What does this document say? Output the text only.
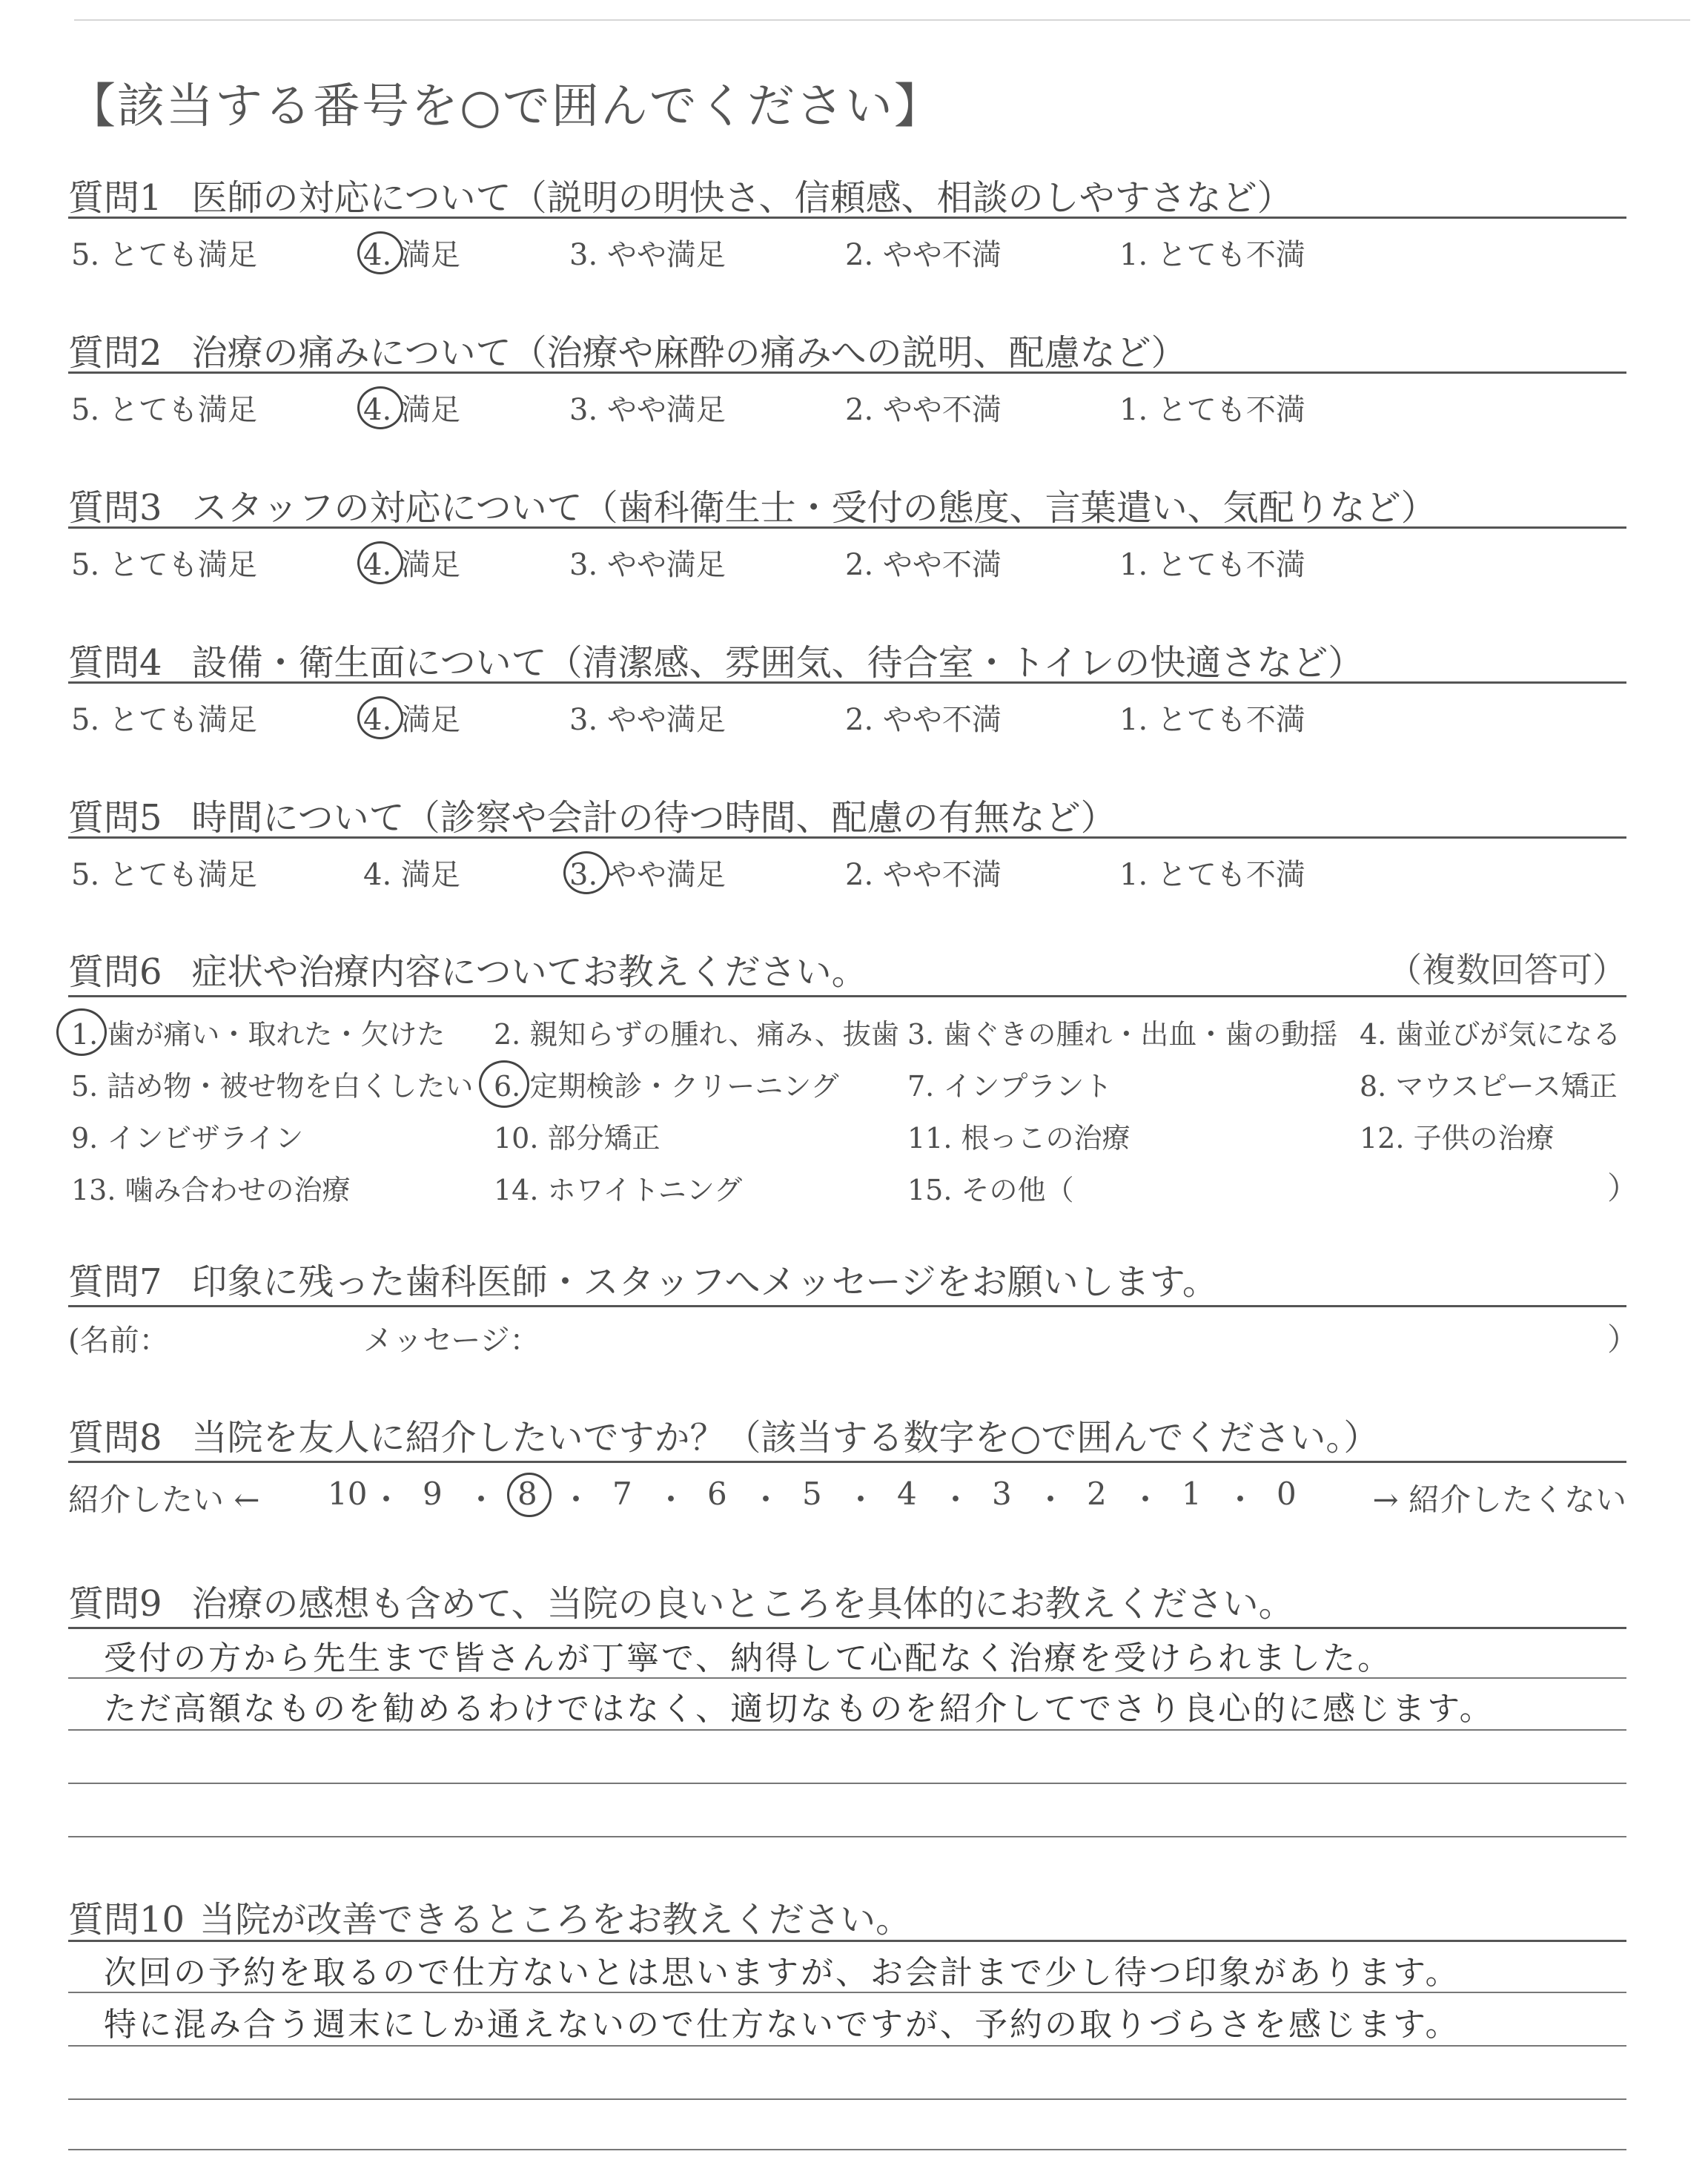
【該当する番号を○で囲んでください】
質問1 医師の対応について（説明の明快さ、信頼感、相談のしやすさなど）
5. とても満足	4. 満足	3. やや満足	2. やや不満	1. とても不満
質問2 治療の痛みについて（治療や麻酔の痛みへの説明、配慮など）
5. とても満足	4. 満足	3. やや満足	2. やや不満	1. とても不満
質問3 スタッフの対応について（歯科衛生士・受付の態度、言葉遣い、気配りなど）
5. とても満足	4. 満足	3. やや満足	2. やや不満	1. とても不満
質問4 設備・衛生面について（清潔感、雰囲気、待合室・トイレの快適さなど）
5. とても満足	4. 満足	3. やや満足	2. やや不満	1. とても不満
質問5 時間について（診察や会計の待つ時間、配慮の有無など）
5. とても満足	4. 満足	3. やや満足	2. やや不満	1. とても不満
質問6 症状や治療内容についてお教えください。	（複数回答可）
1. 歯が痛い・取れた・欠けた 2. 親知らずの腫れ、痛み、抜歯 3. 歯ぐきの腫れ・出血・歯の動揺 4. 歯並びが気になる
5. 詰め物・被せ物を白くしたい 6. 定期検診・クリーニング 7. インプラント	8. マウスピース矯正
9. インビザライン	10. 部分矯正	11. 根っこの治療	12. 子供の治療
13. 噛み合わせの治療	14. ホワイトニング	15. その他（	）
質問7 印象に残った歯科医師・スタッフへメッセージをお願いします。
(名前：	メッセージ：	）
質問8 当院を友人に紹介したいですか？（該当する数字を○で囲んでください。）
紹介したい ←	→ 紹介したくない
10 ・ 9 ・ 8 ・ 7 ・ 6 ・ 5 ・ 4 ・ 3 ・ 2 ・ 1 ・ 0
質問9 治療の感想も含めて、当院の良いところを具体的にお教えください。
受付の方から先生まで皆さんが丁寧で、納得して心配なく治療を受けられました。
ただ高額なものを勧めるわけではなく、適切なものを紹介してでさり良心的に感じます。
質問10 当院が改善できるところをお教えください。
次回の予約を取るので仕方ないとは思いますが、お会計まで少し待つ印象があります。
特に混み合う週末にしか通えないので仕方ないですが、予約の取りづらさを感じます。
